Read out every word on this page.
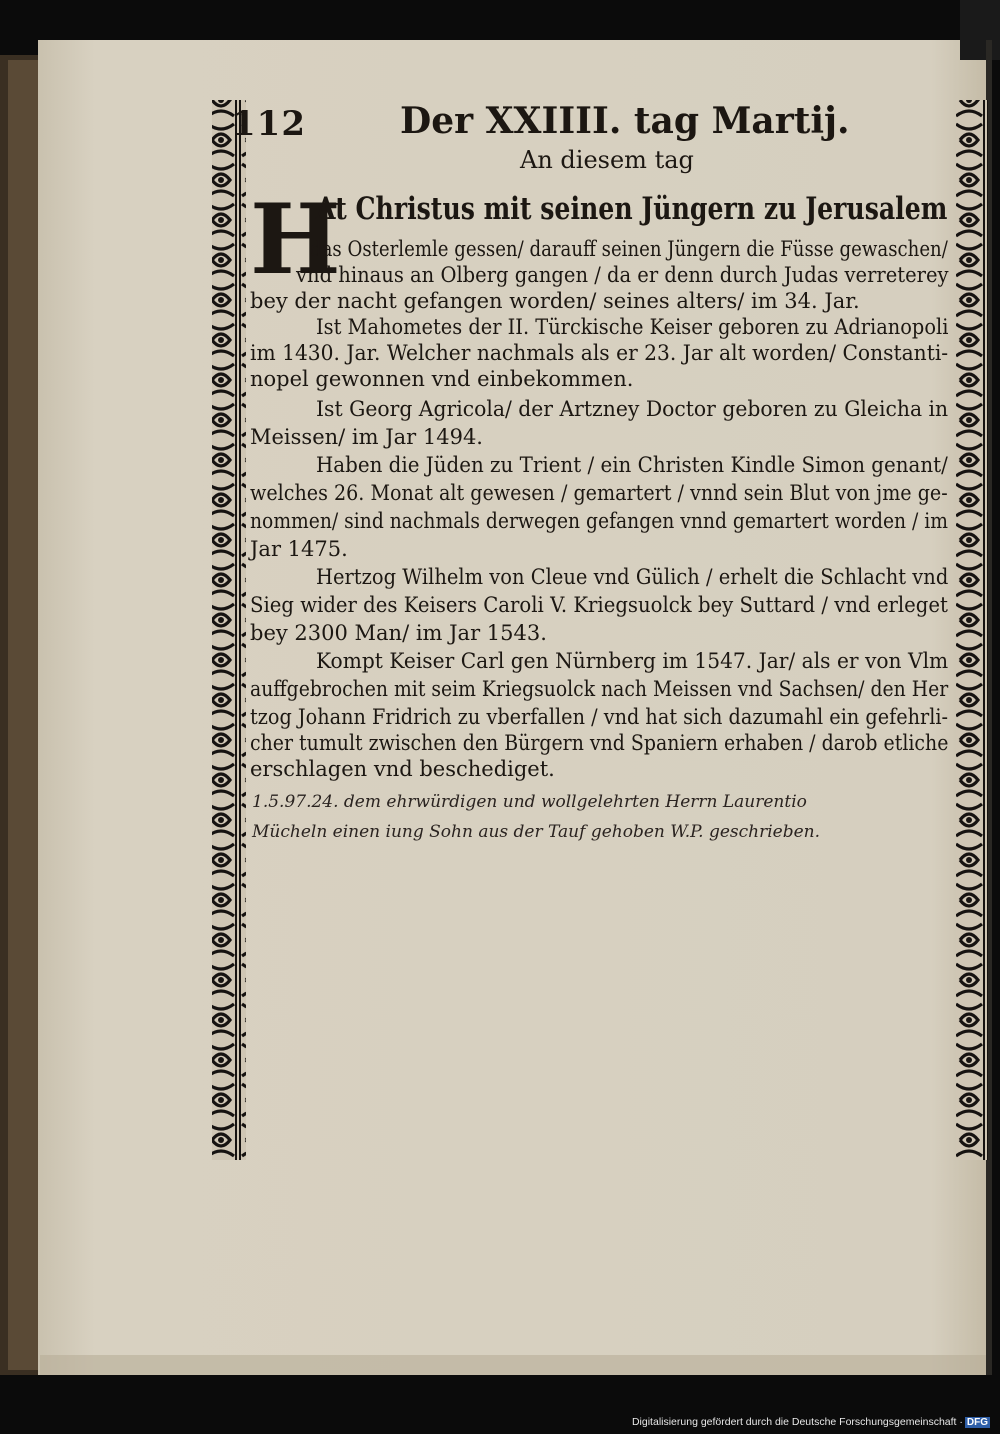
112	Der XXIIII. tag Martij.
An diesem tag
H
At Christus mit seinen Jüngern zu Jerusalem
das Osterlemle gessen/ darauff seinen Jüngern die Füsse gewaschen/
vnd hinaus an Olberg gangen / da er denn durch Judas verreterey
bey der nacht gefangen worden/ seines alters/ im 34. Jar.
Ist Mahometes der II. Türckische Keiser geboren zu Adrianopoli
im 1430. Jar. Welcher nachmals als er 23. Jar alt worden/ Constanti-
nopel gewonnen vnd einbekommen.
Ist Georg Agricola/ der Artzney Doctor geboren zu Gleicha in
Meissen/ im Jar 1494.
Haben die Jüden zu Trient / ein Christen Kindle Simon genant/
welches 26. Monat alt gewesen / gemartert / vnnd sein Blut von jme ge-
nommen/ sind nachmals derwegen gefangen vnnd gemartert worden / im
Jar 1475.
Hertzog Wilhelm von Cleue vnd Gülich / erhelt die Schlacht vnd
Sieg wider des Keisers Caroli V. Kriegsuolck bey Suttard / vnd erleget
bey 2300 Man/ im Jar 1543.
Kompt Keiser Carl gen Nürnberg im 1547. Jar/ als er von Vlm
auffgebrochen mit seim Kriegsuolck nach Meissen vnd Sachsen/ den Her
tzog Johann Fridrich zu vberfallen / vnd hat sich dazumahl ein gefehrli-
cher tumult zwischen den Bürgern vnd Spaniern erhaben / darob etliche
erschlagen vnd beschediget.
1.5.97.24. dem ehrwürdigen und wollgelehrten Herrn Laurentio
Mücheln einen iung Sohn aus der Tauf gehoben W.P. geschrieben.
Digitalisierung gefördert durch die Deutsche Forschungsgemeinschaft · DFG
